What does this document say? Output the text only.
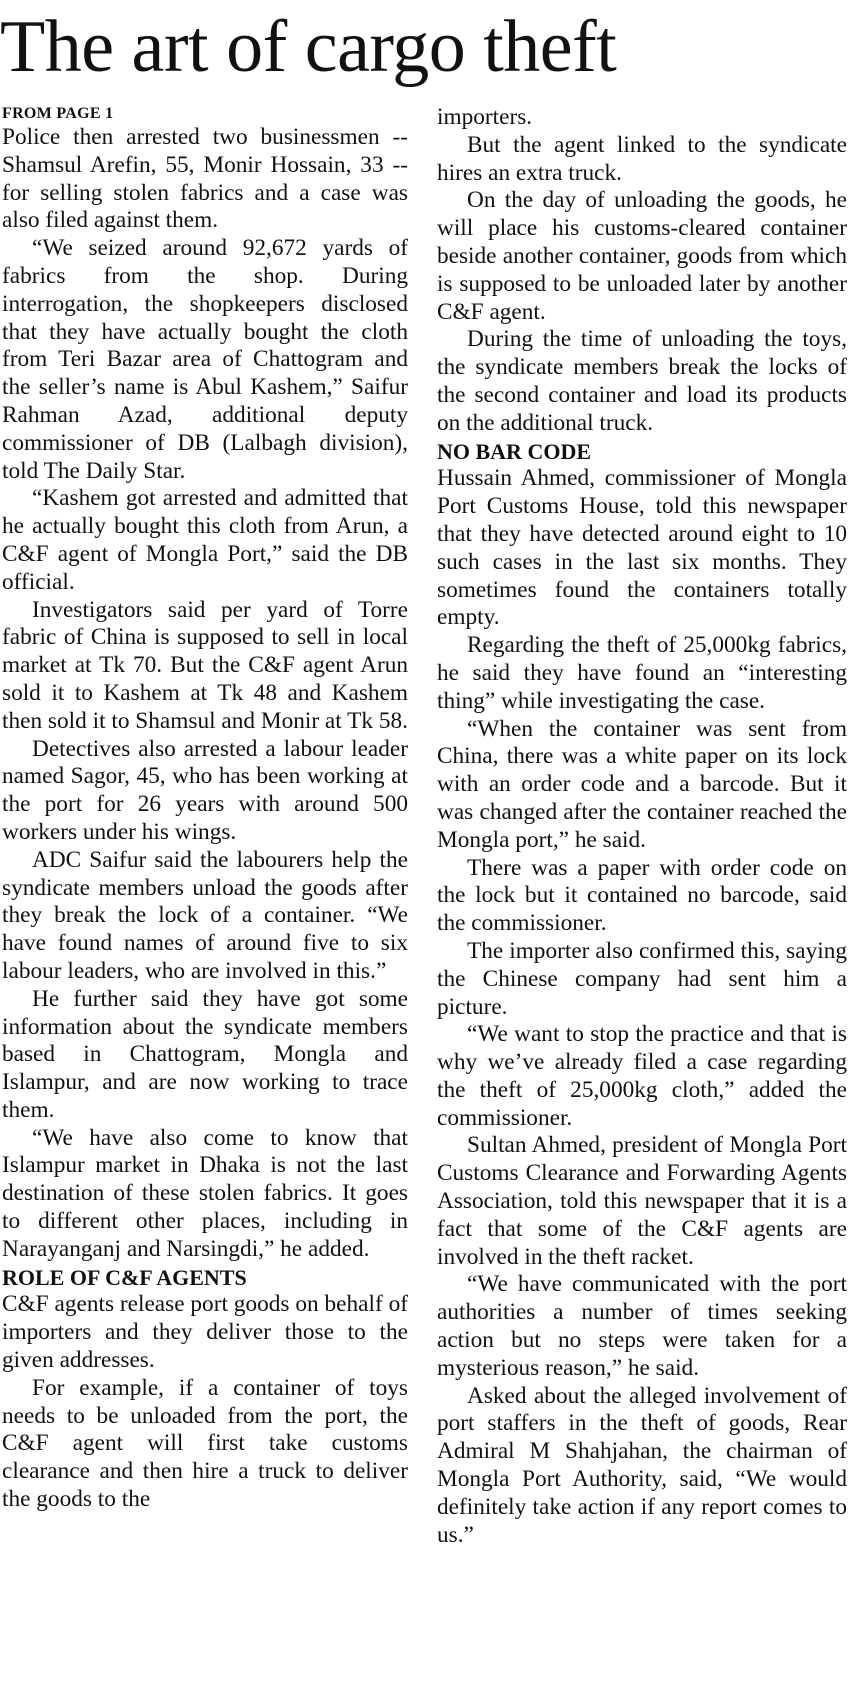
The art of cargo theft
FROM PAGE 1

Police then arrested two businessmen -- Shamsul Arefin, 55, Monir Hossain, 33 -- for selling stolen fabrics and a case was also filed against them.

“We seized around 92,672 yards of fabrics from the shop. During interrogation, the shopkeepers disclosed that they have actually bought the cloth from Teri Bazar area of Chattogram and the seller’s name is Abul Kashem,” Saifur Rahman Azad, additional deputy commissioner of DB (Lalbagh division), told The Daily Star.

“Kashem got arrested and admitted that he actually bought this cloth from Arun, a C&F agent of Mongla Port,” said the DB official.

Investigators said per yard of Torre fabric of China is supposed to sell in local market at Tk 70. But the C&F agent Arun sold it to Kashem at Tk 48 and Kashem then sold it to Shamsul and Monir at Tk 58.

Detectives also arrested a labour leader named Sagor, 45, who has been working at the port for 26 years with around 500 workers under his wings.

ADC Saifur said the labourers help the syndicate members unload the goods after they break the lock of a container. “We have found names of around five to six labour leaders, who are involved in this.”

He further said they have got some information about the syndicate members based in Chattogram, Mongla and Islampur, and are now working to trace them.

“We have also come to know that Islampur market in Dhaka is not the last destination of these stolen fabrics. It goes to different other places, including in Narayanganj and Narsingdi,” he added.

ROLE OF C&F AGENTS

C&F agents release port goods on behalf of importers and they deliver those to the given addresses.

For example, if a container of toys needs to be unloaded from the port, the C&F agent will first take customs clearance and then hire a truck to deliver the goods to the

importers.

But the agent linked to the syndicate hires an extra truck.

On the day of unloading the goods, he will place his customs-cleared container beside another container, goods from which is supposed to be unloaded later by another C&F agent.

During the time of unloading the toys, the syndicate members break the locks of the second container and load its products on the additional truck.

NO BAR CODE

Hussain Ahmed, commissioner of Mongla Port Customs House, told this newspaper that they have detected around eight to 10 such cases in the last six months. They sometimes found the containers totally empty.

Regarding the theft of 25,000kg fabrics, he said they have found an “interesting thing” while investigating the case.

“When the container was sent from China, there was a white paper on its lock with an order code and a barcode. But it was changed after the container reached the Mongla port,” he said.

There was a paper with order code on the lock but it contained no barcode, said the commissioner.

The importer also confirmed this, saying the Chinese company had sent him a picture.

“We want to stop the practice and that is why we’ve already filed a case regarding the theft of 25,000kg cloth,” added the commissioner.

Sultan Ahmed, president of Mongla Port Customs Clearance and Forwarding Agents Association, told this newspaper that it is a fact that some of the C&F agents are involved in the theft racket.

“We have communicated with the port authorities a number of times seeking action but no steps were taken for a mysterious reason,” he said.

Asked about the alleged involvement of port staffers in the theft of goods, Rear Admiral M Shahjahan, the chairman of Mongla Port Authority, said, “We would definitely take action if any report comes to us.”
